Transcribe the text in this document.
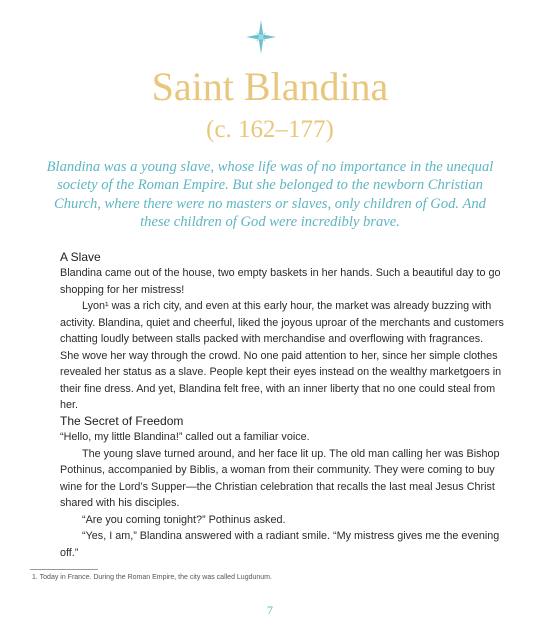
Saint Blandina
(c. 162–177)
Blandina was a young slave, whose life was of no importance in the unequal society of the Roman Empire. But she belonged to the newborn Christian Church, where there were no masters or slaves, only children of God. And these children of God were incredibly brave.
A Slave

Blandina came out of the house, two empty baskets in her hands. Such a beautiful day to go

shopping for her mistress!

Lyon¹ was a rich city, and even at this early hour, the market was already buzzing with

activity. Blandina, quiet and cheerful, liked the joyous uproar of the merchants and customers

chatting loudly between stalls packed with merchandise and overflowing with fragrances.

She wove her way through the crowd. No one paid attention to her, since her simple clothes

revealed her status as a slave. People kept their eyes instead on the wealthy marketgoers in

their fine dress. And yet, Blandina felt free, with an inner liberty that no one could steal from

her.

The Secret of Freedom

“Hello, my little Blandina!” called out a familiar voice.

The young slave turned around, and her face lit up. The old man calling her was Bishop

Pothinus, accompanied by Biblis, a woman from their community. They were coming to buy

wine for the Lord’s Supper—the Christian celebration that recalls the last meal Jesus Christ

shared with his disciples.

“Are you coming tonight?” Pothinus asked.

“Yes, I am,” Blandina answered with a radiant smile. “My mistress gives me the evening

off.”

1. Today in France. During the Roman Empire, the city was called Lugdunum.
7
